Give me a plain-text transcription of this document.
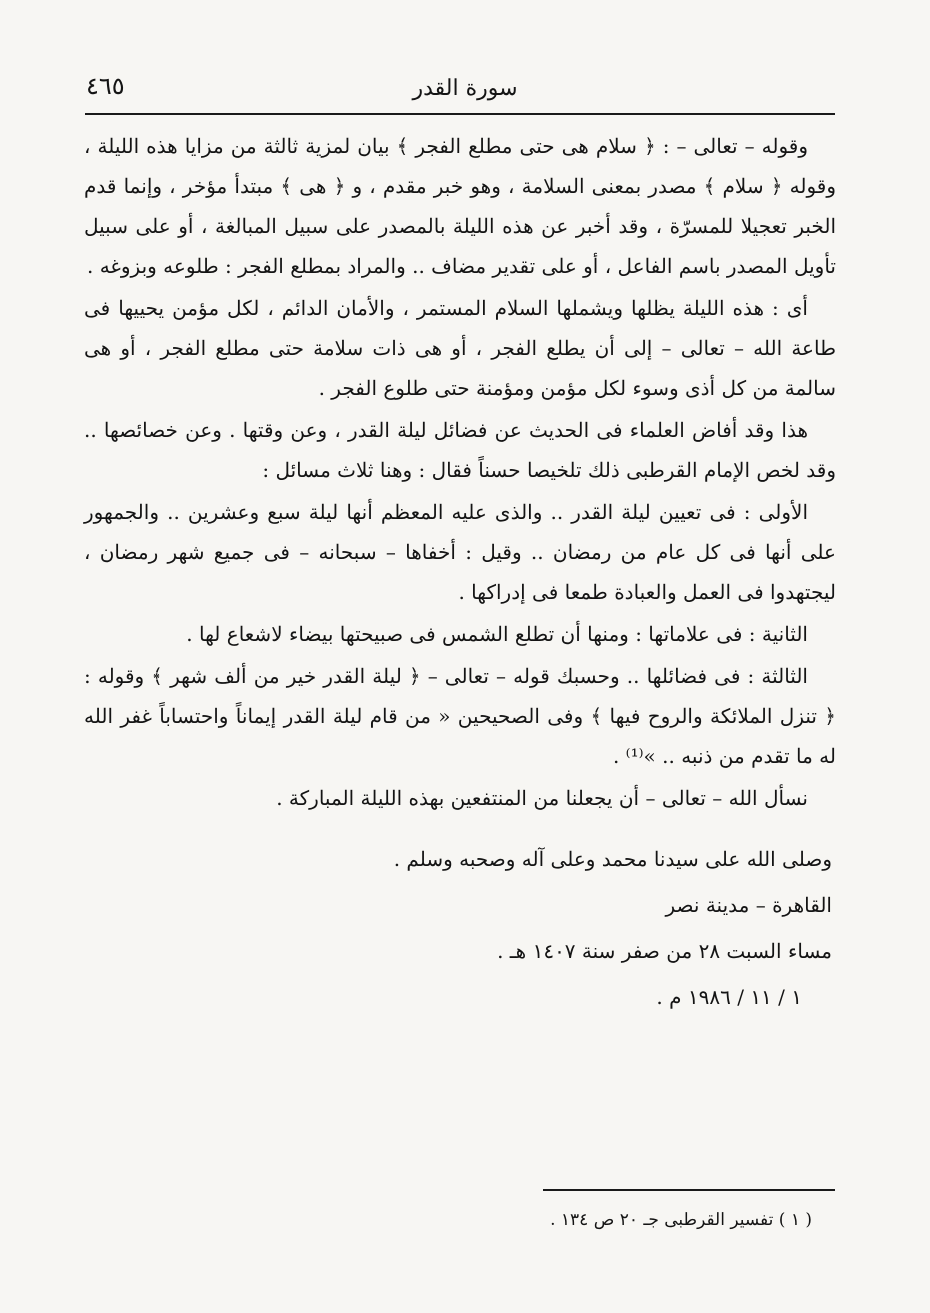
٤٦٥	سورة القدر

وقوله – تعالى – : ﴿ سلام هى حتى مطلع الفجر ﴾ بيان لمزية ثالثة من مزايا هذه الليلة ، وقوله ﴿ سلام ﴾ مصدر بمعنى السلامة ، وهو خبر مقدم ، و ﴿ هى ﴾ مبتدأ مؤخر ، وإنما قدم الخبر تعجيلا للمسرّة ، وقد أخبر عن هذه الليلة بالمصدر على سبيل المبالغة ، أو على سبيل تأويل المصدر باسم الفاعل ، أو على تقدير مضاف .. والمراد بمطلع الفجر : طلوعه وبزوغه .

أى : هذه الليلة يظلها ويشملها السلام المستمر ، والأمان الدائم ، لكل مؤمن يحييها فى طاعة الله – تعالى – إلى أن يطلع الفجر ، أو هى ذات سلامة حتى مطلع الفجر ، أو هى سالمة من كل أذى وسوء لكل مؤمن ومؤمنة حتى طلوع الفجر .

هذا وقد أفاض العلماء فى الحديث عن فضائل ليلة القدر ، وعن وقتها . وعن خصائصها .. وقد لخص الإمام القرطبى ذلك تلخيصا حسناً فقال : وهنا ثلاث مسائل :

الأولى : فى تعيين ليلة القدر .. والذى عليه المعظم أنها ليلة سبع وعشرين .. والجمهور على أنها فى كل عام من رمضان .. وقيل : أخفاها – سبحانه – فى جميع شهر رمضان ، ليجتهدوا فى العمل والعبادة طمعا فى إدراكها .

الثانية : فى علاماتها : ومنها أن تطلع الشمس فى صبيحتها بيضاء لاشعاع لها .

الثالثة : فى فضائلها .. وحسبك قوله – تعالى – ﴿ ليلة القدر خير من ألف شهر ﴾ وقوله : ﴿ تنزل الملائكة والروح فيها ﴾ وفى الصحيحين « من قام ليلة القدر إيماناً واحتساباً غفر الله له ما تقدم من ذنبه .. »⁽¹⁾ .

نسأل الله – تعالى – أن يجعلنا من المنتفعين بهذه الليلة المباركة .

وصلى الله على سيدنا محمد وعلى آله وصحبه وسلم .
القاهرة – مدينة نصر
مساء السبت ٢٨ من صفر سنة ١٤٠٧ هـ .
١ / ١١ / ١٩٨٦ م .
( ١ ) تفسير القرطبى جـ ٢٠ ص ١٣٤ .
